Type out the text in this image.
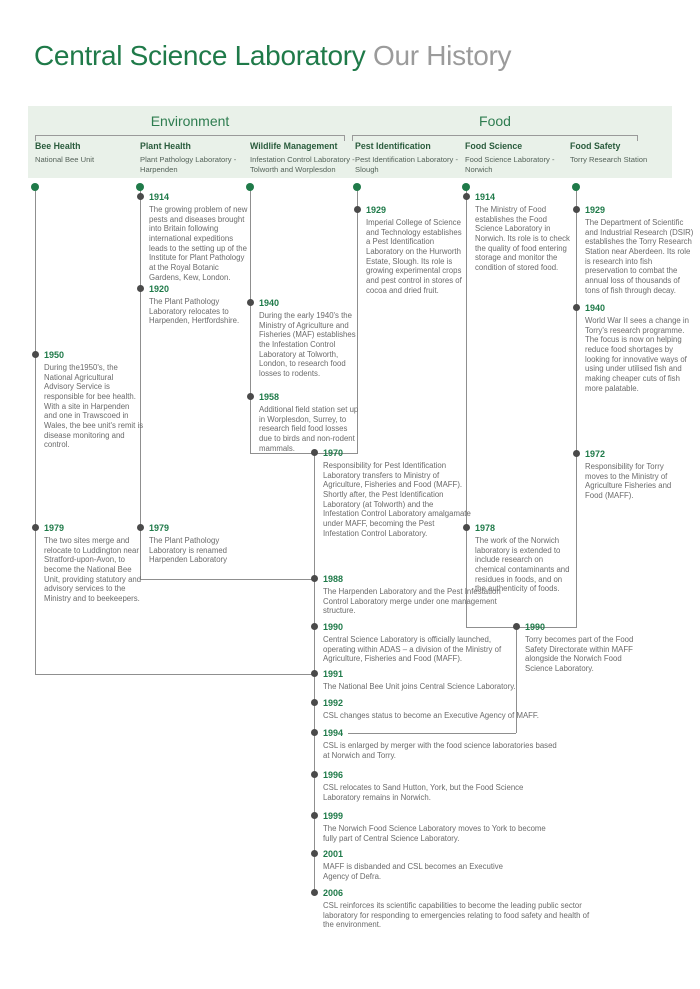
Central Science Laboratory Our History
Environment	Food
Bee Health
National Bee Unit
Plant Health
Plant Pathology Laboratory - Harpenden
Wildlife Management
Infestation Control Laboratory - Tolworth and Worplesdon
Pest Identification
Pest Identification Laboratory - Slough
Food Science
Food Science Laboratory - Norwich
Food Safety
Torry Research Station
1950
During the1950's, the National Agricultural Advisory Service is responsible for bee health. With a site in Harpenden and one in Trawscoed in Wales, the bee unit's remit is disease monitoring and control.
1979
The two sites merge and relocate to Luddington near Stratford-upon-Avon, to become the National Bee Unit, providing statutory and advisory services to the Ministry and to beekeepers.
1914
The growing problem of new pests and diseases brought into Britain following international expeditions leads to the setting up of the Institute for Plant Pathology at the Royal Botanic Gardens, Kew, London.
1920
The Plant Pathology Laboratory relocates to Harpenden, Hertfordshire.
1979
The Plant Pathology Laboratory is renamed Harpenden Laboratory
1940
During the early 1940's the Ministry of Agriculture and Fisheries (MAF) establishes the Infestation Control Laboratory at Tolworth, London, to research food losses to rodents.
1958
Additional field station set up in Worplesdon, Surrey, to research field food losses due to birds and non-rodent mammals.
1929
Imperial College of Science and Technology establishes a Pest Identification Laboratory on the Hurworth Estate, Slough. Its role is growing experimental crops and pest control in stores of cocoa and dried fruit.
1914
The Ministry of Food establishes the Food Science Laboratory in Norwich. Its role is to check the quality of food entering storage and monitor the condition of stored food.
1978
The work of the Norwich laboratory is extended to include research on chemical contaminants and residues in foods, and on the authenticity of foods.
1929
The Department of Scientific and Industrial Research (DSIR) establishes the Torry Research Station near Aberdeen. Its role is research into fish preservation to combat the annual loss of thousands of tons of fish through decay.
1940
World War II sees a change in Torry's research programme. The focus is now on helping reduce food shortages by looking for innovative ways of using under utilised fish and making cheaper cuts of fish more palatable.
1972
Responsibility for Torry moves to the Ministry of Agriculture Fisheries and Food (MAFF).
1970
Responsibility for Pest Identification Laboratory transfers to Ministry of Agriculture, Fisheries and Food (MAFF). Shortly after, the Pest Identification Laboratory (at Tolworth) and the Infestation Control Laboratory amalgamate under MAFF, becoming the Pest Infestation Control Laboratory.
1988
The Harpenden Laboratory and the Pest Infestation Control Laboratory merge under one management structure.
1990
Central Science Laboratory is officially launched, operating within ADAS – a division of the Ministry of Agriculture, Fisheries and Food (MAFF).
1991
The National Bee Unit joins Central Science Laboratory.
1992
CSL changes status to become an Executive Agency of MAFF.
1994
CSL is enlarged by merger with the food science laboratories based at Norwich and Torry.
1996
CSL relocates to Sand Hutton, York, but the Food Science Laboratory remains in Norwich.
1999
The Norwich Food Science Laboratory moves to York to become fully part of Central Science Laboratory.
2001
MAFF is disbanded and CSL becomes an Executive Agency of Defra.
2006
CSL reinforces its scientific capabilities to become the leading public sector laboratory for responding to emergencies relating to food safety and health of the environment.
1990
Torry becomes part of the Food Safety Directorate within MAFF alongside the Norwich Food Science Laboratory.
